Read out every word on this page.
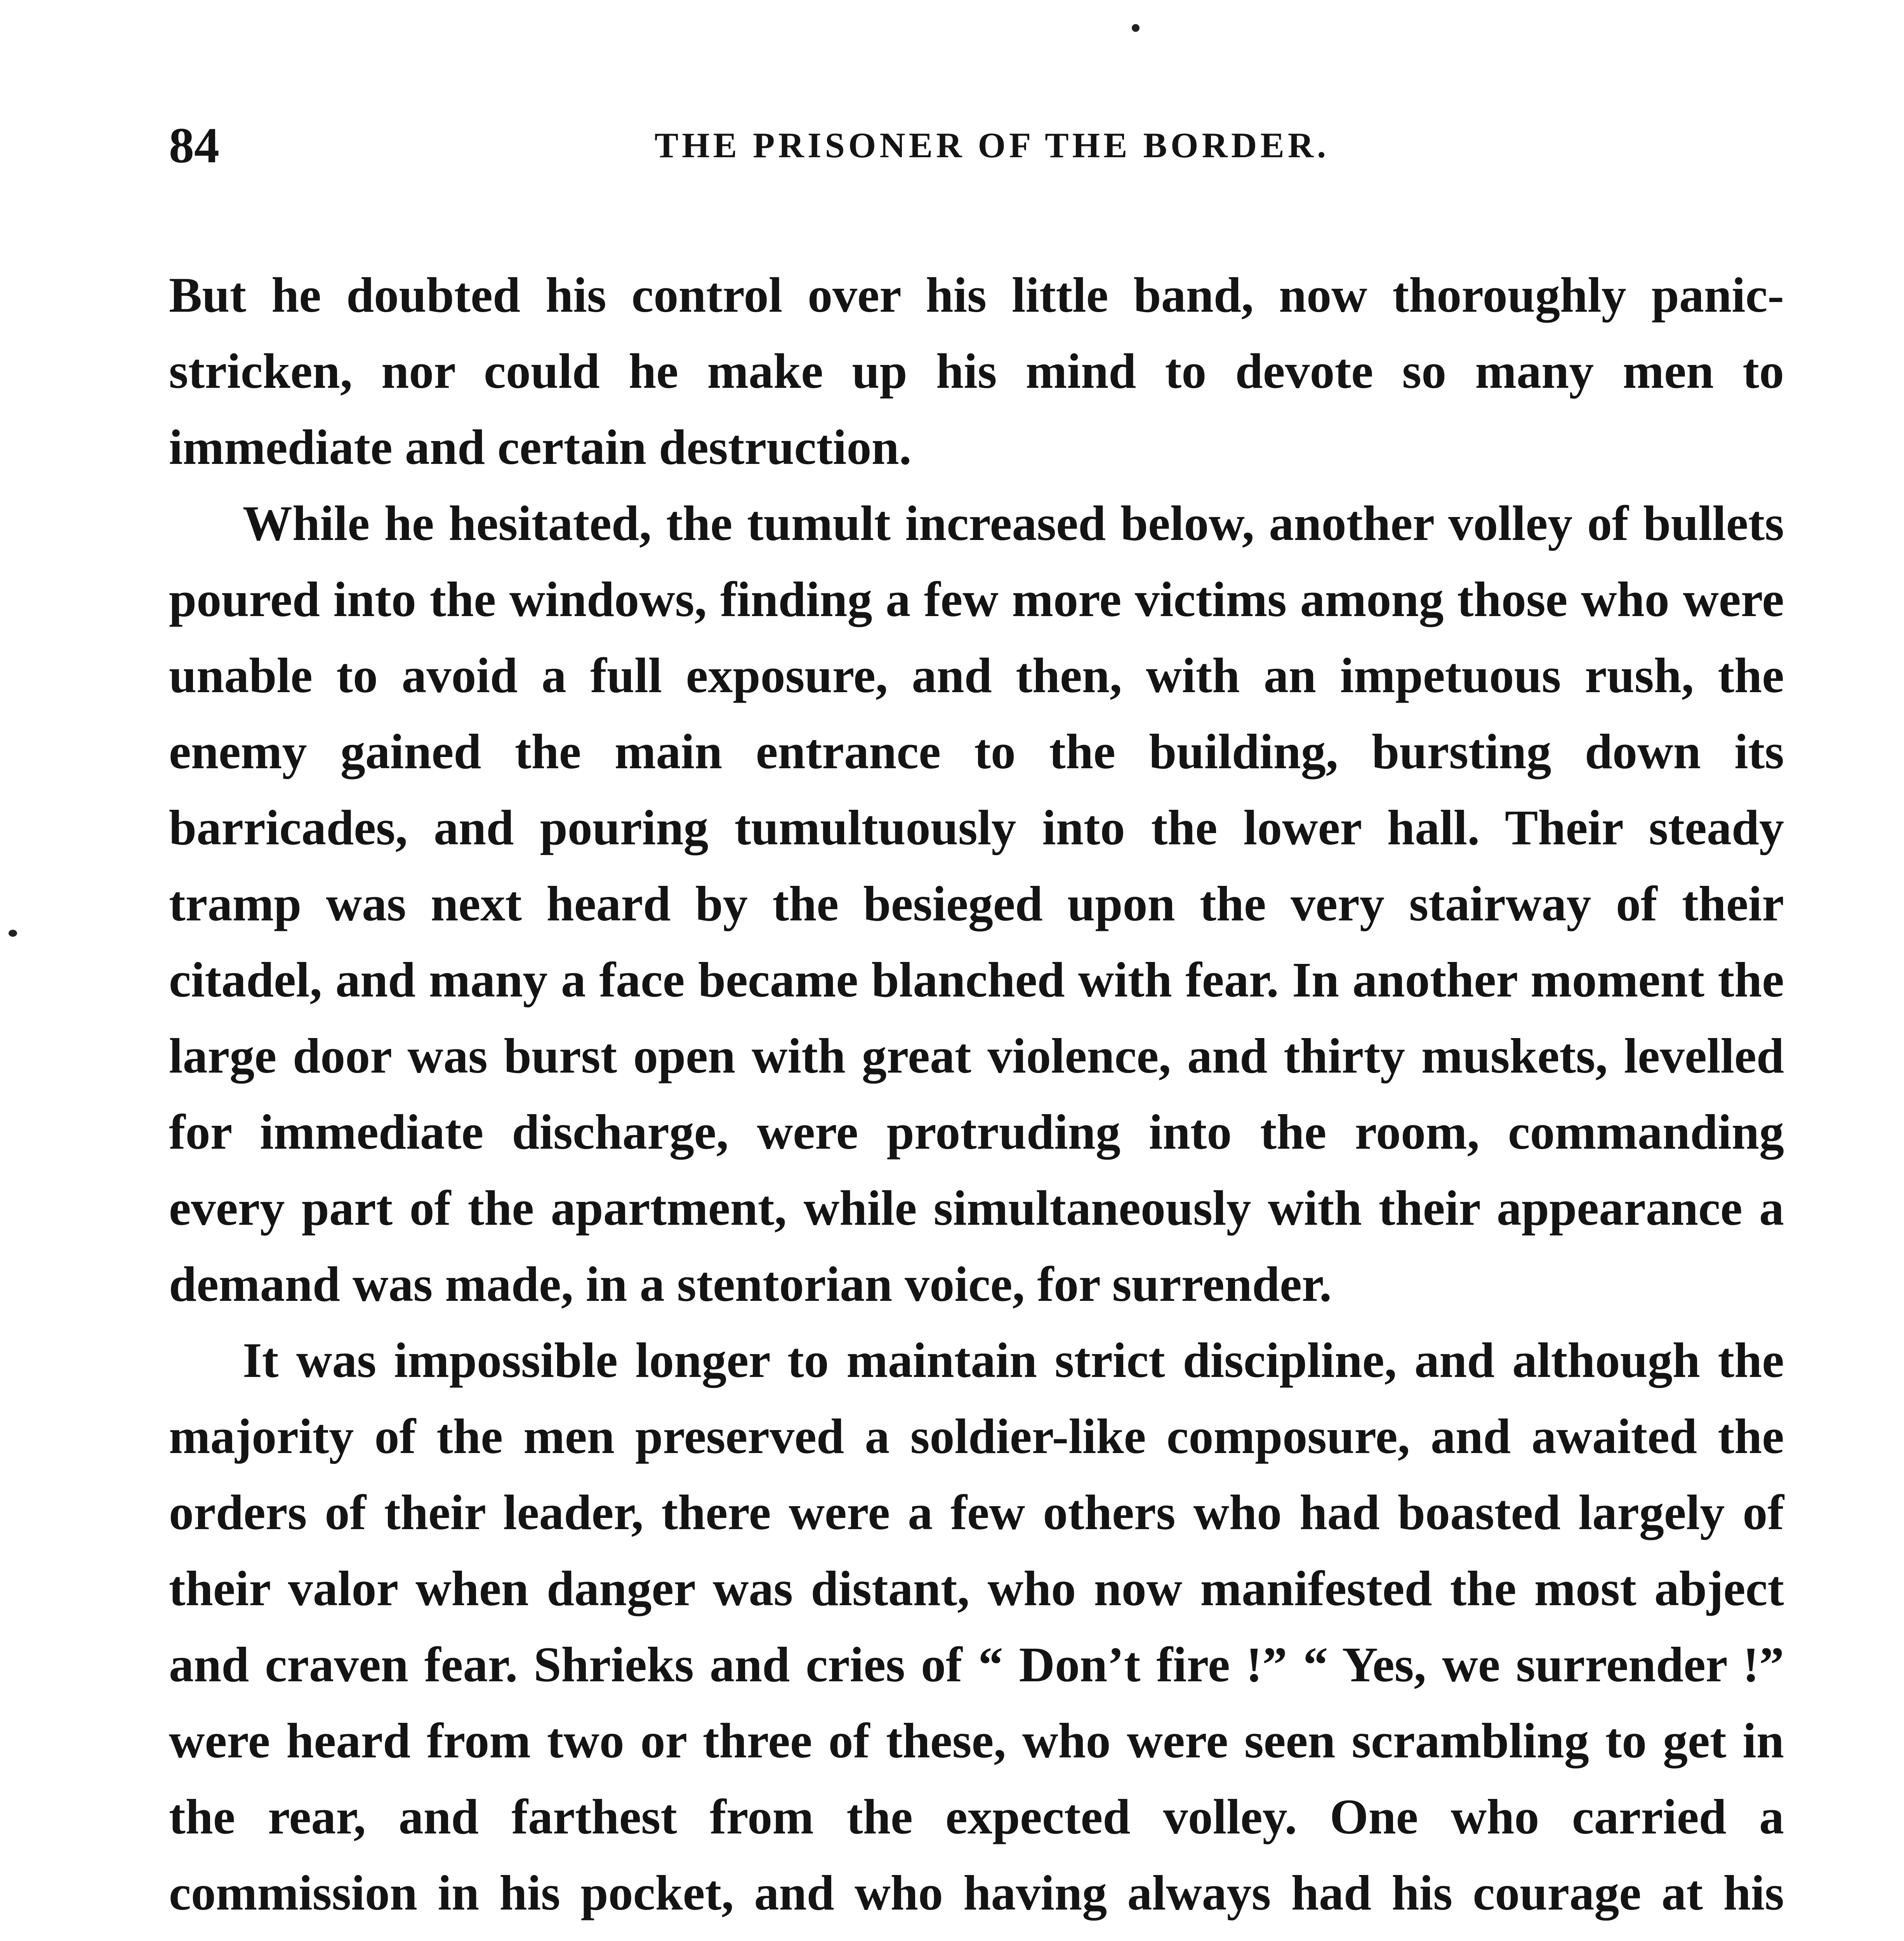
84	THE PRISONER OF THE BORDER.

But he doubted his control over his little band, now thoroughly panic-stricken, nor could he make up his mind to devote so many men to immediate and certain destruction.

While he hesitated, the tumult increased below, another volley of bullets poured into the windows, finding a few more victims among those who were unable to avoid a full exposure, and then, with an impetuous rush, the enemy gained the main entrance to the building, bursting down its barricades, and pouring tumultuously into the lower hall. Their steady tramp was next heard by the besieged upon the very stairway of their citadel, and many a face became blanched with fear. In another moment the large door was burst open with great violence, and thirty muskets, levelled for immediate discharge, were protruding into the room, commanding every part of the apartment, while simultaneously with their appearance a demand was made, in a stentorian voice, for surrender.

It was impossible longer to maintain strict discipline, and although the majority of the men preserved a soldier-like composure, and awaited the orders of their leader, there were a few others who had boasted largely of their valor when danger was distant, who now manifested the most abject and craven fear. Shrieks and cries of “ Don’t fire !” “ Yes, we surrender !” were heard from two or three of these, who were seen scrambling to get in the rear, and farthest from the expected volley. One who carried a commission in his pocket, and who having always had his courage at his
